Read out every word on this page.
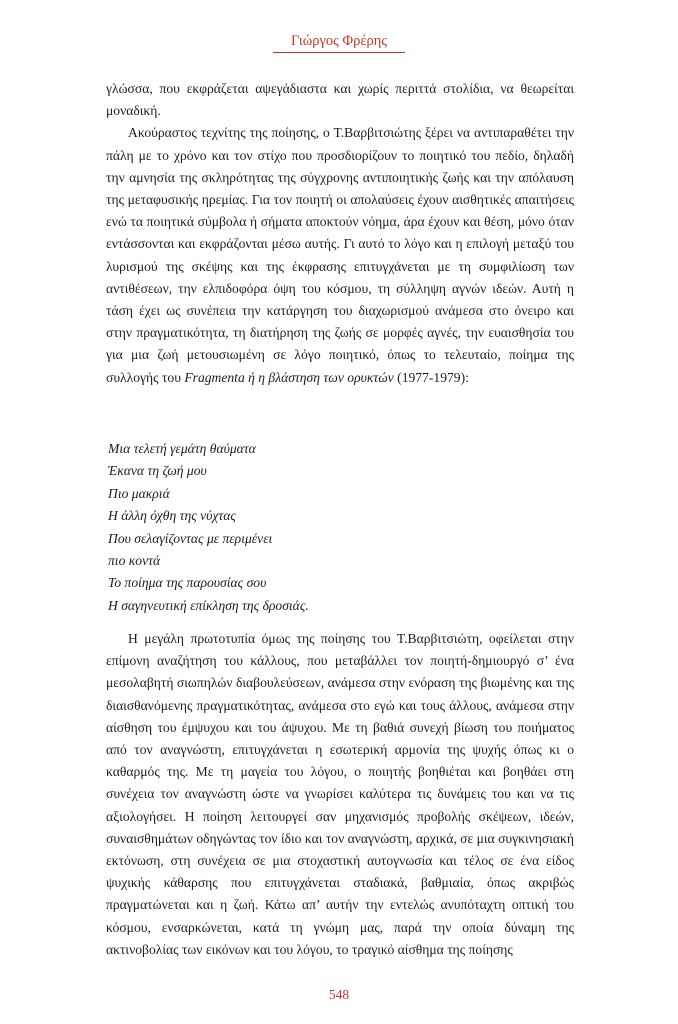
Γιώργος Φρέρης

γλώσσα, που εκφράζεται αψεγάδιαστα και χωρίς περιττά στολίδια, να θεωρείται μοναδική.

Ακούραστος τεχνίτης της ποίησης, ο Τ.Βαρβιτσιώτης ξέρει να αντιπαραθέτει την πάλη με το χρόνο και τον στίχο που προσδιορίζουν το ποιητικό του πεδίο, δηλαδή την αμνησία της σκληρότητας της σύγχρονης αντιποιητικής ζωής και την απόλαυση της μεταφυσικής ηρεμίας. Για τον ποιητή οι απολαύσεις έχουν αισθητικές απαιτήσεις ενώ τα ποιητικά σύμβολα ή σήματα αποκτούν νόημα, άρα έχουν και θέση, μόνο όταν εντάσσονται και εκφράζονται μέσω αυτής. Γι αυτό το λόγο και η επιλογή μεταξύ του λυρισμού της σκέψης και της έκφρασης επιτυγχάνεται με τη συμφιλίωση των αντιθέσεων, την ελπιδοφόρα όψη του κόσμου, τη σύλληψη αγνών ιδεών. Αυτή η τάση έχει ως συνέπεια την κατάργηση του διαχωρισμού ανάμεσα στο όνειρο και στην πραγματικότητα, τη διατήρηση της ζωής σε μορφές αγνές, την ευαισθησία του για μια ζωή μετουσιωμένη σε λόγο ποιητικό, όπως το τελευταίο, ποίημα της συλλογής του Fragmenta ή η βλάστηση των ορυκτών (1977-1979):

Μια τελετή γεμάτη θαύματα
Έκανα τη ζωή μου
Πιο μακριά
Η άλλη όχθη της νύχτας
Που σελαγίζοντας με περιμένει
πιο κοντά
Το ποίημα της παρουσίας σου
Η σαγηνευτική επίκληση της δροσιάς.

Η μεγάλη πρωτοτυπία όμως της ποίησης του Τ.Βαρβιτσιώτη, οφείλεται στην επίμονη αναζήτηση του κάλλους, που μεταβάλλει τον ποιητή-δημιουργό σ’ ένα μεσολαβητή σιωπηλών διαβουλεύσεων, ανάμεσα στην ενόραση της βιωμένης και της διαισθανόμενης πραγματικότητας, ανάμεσα στο εγώ και τους άλλους, ανάμεσα στην αίσθηση του έμψυχου και του άψυχου. Με τη βαθιά συνεχή βίωση του ποιήματος από τον αναγνώστη, επιτυγχάνεται η εσωτερική αρμονία της ψυχής όπως κι ο καθαρμός της. Με τη μαγεία του λόγου, ο ποιητής βοηθιέται και βοηθάει στη συνέχεια τον αναγνώστη ώστε να γνωρίσει καλύτερα τις δυνάμεις του και να τις αξιολογήσει. Η ποίηση λειτουργεί σαν μηχανισμός προβολής σκέψεων, ιδεών, συναισθημάτων οδηγώντας τον ίδιο και τον αναγνώστη, αρχικά, σε μια συγκινησιακή εκτόνωση, στη συνέχεια σε μια στοχαστική αυτογνωσία και τέλος σε ένα είδος ψυχικής κάθαρσης που επιτυγχάνεται σταδιακά, βαθμιαία, όπως ακριβώς πραγματώνεται και η ζωή. Κάτω απ’ αυτήν την εντελώς ανυπόταχτη οπτική του κόσμου, ενσαρκώνεται, κατά τη γνώμη μας, παρά την οποία δύναμη της ακτινοβολίας των εικόνων και του λόγου, το τραγικό αίσθημα της ποίησης

548
